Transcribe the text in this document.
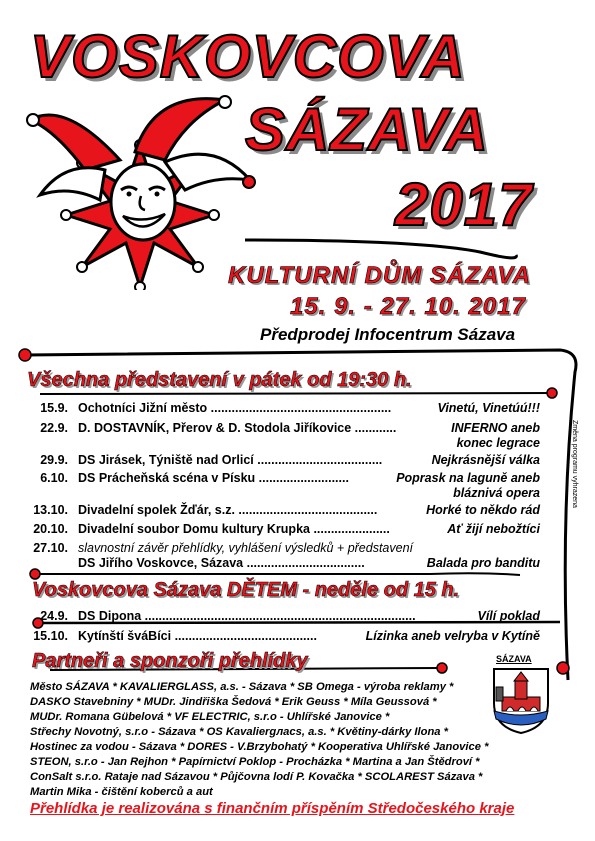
VOSKOVCOVA
SÁZAVA
2017
KULTURNÍ DŮM SÁZAVA
15. 9. - 27. 10. 2017
Předprodej Infocentrum Sázava
Všechna představení v pátek od 19:30 h.
15.9. Ochotníci Jižní město ....................................................	Vinetú, Vinetúú!!!
22.9. D. DOSTAVNÍK, Přerov & D. Stodola Jiříkovice ............	INFERNO aneb
konec legrace
29.9. DS Jirásek, Týniště nad Orlicí ....................................	Nejkrásnější válka
6.10. DS Prácheňská scéna v Písku ..........................	Poprask na laguně aneb
bláznivá opera
13.10. Divadelní spolek Žďár, s.z. ........................................	Horké to někdo rád
20.10. Divadelní soubor Domu kultury Krupka ......................	Ať žijí nebožtíci
27.10. slavnostní závěr přehlídky, vyhlášení výsledků + představení
DS Jiřího Voskovce, Sázava ..................................	Balada pro banditu
Voskovcova Sázava DĚTEM - neděle od 15 h.
24.9. DS Dipona ..............................................................................	Vílí poklad
15.10. Kytínští šváBíci .........................................	Lízinka aneb velryba v Kytíně
Partneři a sponzoři přehlídky
Město SÁZAVA * KAVALIERGLASS, a.s. - Sázava * SB Omega - výroba reklamy *
DASKO Stavebniny * MUDr. Jindřiška Šedová * Erik Geuss * Míla Geussová *
MUDr. Romana Gübelová * VF ELECTRIC, s.r.o - Uhlířské Janovice *
Střechy Novotný, s.r.o - Sázava * OS Kavaliergласs, a.s. * Květiny-dárky Ilona *
Hostinec za vodou - Sázava * DORES - V.Brzybohatý * Kooperativa Uhlířské Janovice *
STEON, s.r.o - Jan Rejhon * Papírnictví Poklop - Procházka * Martina a Jan Štědroví *
ConSalt s.r.o. Rataje nad Sázavou * Půjčovna lodí P. Kovačka * SCOLAREST Sázava *
Martin Mika - čištění koberců a aut
SÁZAVA
Přehlídka je realizována s finančním příspěním Středočeského kraje
Změna programu vyhrazena
